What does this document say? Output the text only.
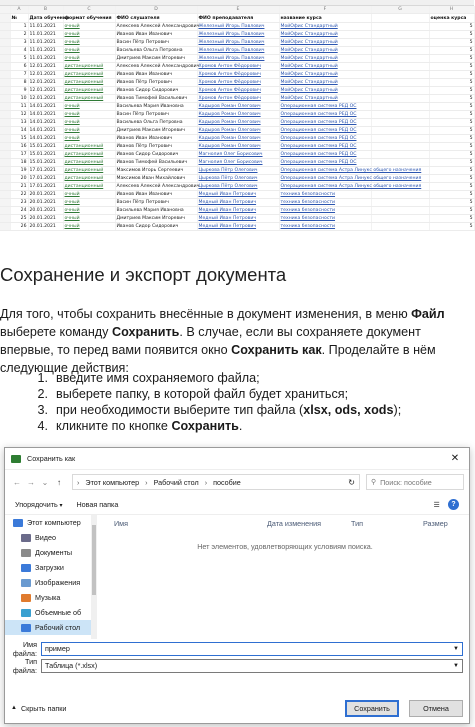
	A	B	C	D	E	F	G	H
	№	Дата обучения	формат обучения	ФИО слушателя	ФИО преподавателя	название курса		оценка курса
	1	11.01.2021	очный	Алексеев Алексей Александрович	Железный Игорь Павлович	МойОфис Стандартный		5
	2	11.01.2021	очный	Иванов Иван Иванович	Железный Игорь Павлович	МойОфис Стандартный		5
	3	11.01.2021	очный	Васин Пётр Петрович	Железный Игорь Павлович	МойОфис Стандартный		5
	4	11.01.2021	очный	Васильева Ольга Петровна	Железный Игорь Павлович	МойОфис Стандартный		5
	5	11.01.2021	очный	Дмитриев Максим Игоревич	Железный Игорь Павлович	МойОфис Стандартный		5
	6	12.01.2021	дистанционный	Алексеев Алексей Александрович	Хромов Антон Фёдорович	МойОфис Стандартный		5
	7	12.01.2021	дистанционный	Иванов Иван Иванович	Хромов Антон Фёдорович	МойОфис Стандартный		5
	8	12.01.2021	дистанционный	Иванов Пётр Петрович	Хромов Антон Фёдорович	МойОфис Стандартный		5
	9	12.01.2021	дистанционный	Иванов Сидор Сидорович	Хромов Антон Фёдорович	МойОфис Стандартный		5
	10	12.01.2021	дистанционный	Иванов Тимофей Васильевич	Хромов Антон Фёдорович	МойОфис Стандартный		5
	11	14.01.2021	очный	Васильева Мария Ивановна	Кадыров Роман Олегович	Операционная система РЕД ОС		5
	12	14.01.2021	очный	Васин Пётр Петрович	Кадыров Роман Олегович	Операционная система РЕД ОС		5
	13	14.01.2021	очный	Васильева Ольга Петровна	Кадыров Роман Олегович	Операционная система РЕД ОС		5
	14	14.01.2021	очный	Дмитриев Максим Игоревич	Кадыров Роман Олегович	Операционная система РЕД ОС		5
	15	14.01.2021	очный	Иванов Иван Иванович	Кадыров Роман Олегович	Операционная система РЕД ОС		5
	16	15.01.2021	дистанционный	Иванов Пётр Петрович	Кадыров Роман Олегович	Операционная система РЕД ОС		5
	17	15.01.2021	дистанционный	Иванов Сидор Сидорович	Магнолия Олег Борисович	Операционная система РЕД ОС		5
	18	15.01.2021	дистанционный	Иванов Тимофей Васильевич	Магнолия Олег Борисович	Операционная система РЕД ОС		5
	19	17.01.2021	дистанционный	Максимов Игорь Сергеевич	Цыркова Пётр Олегович	Операционная система Астра Линукс общего назначения		5
	20	17.01.2021	дистанционный	Максимов Иван Михайлович	Цыркова Пётр Олегович	Операционная система Астра Линукс общего назначения		5
	21	17.01.2021	дистанционный	Алексеев Алексей Александрович	Цыркова Пётр Олегович	Операционная система Астра Линукс общего назначения		5
	22	20.01.2021	очный	Иванов Иван Иванович	Медный Иван Петрович	техника безопасности		5
	23	20.01.2021	очный	Васин Пётр Петрович	Медный Иван Петрович	техника безопасности		5
	24	20.01.2021	очный	Васильева Мария Ивановна	Медный Иван Петрович	техника безопасности		5
	25	20.01.2021	очный	Дмитриев Максим Игоревич	Медный Иван Петрович	техника безопасности		5
	26	20.01.2021	очный	Иванов Сидор Сидорович	Медный Иван Петрович	техника безопасности		5
Сохранение и экспорт документа
Для того, чтобы сохранить внесённые в документ изменения, в меню Файл выберете команду Сохранить. В случае, если вы сохраняете документ впервые, то перед вами появится окно Сохранить как. Проделайте в нём следующие действия:
1. введите имя сохраняемого файла;
2. выберете папку, в которой файл будет храниться;
3. при необходимости выберите тип файла (xlsx, ods, xods);
4. кликните по кнопке Сохранить.
Сохранить как	✕
← → ⌄	↑	› Этот компьютер › Рабочий стол › пособие	↻ ⚲ Поиск: пособие
Упорядочить ▾	Новая папка	☰	?
Этот компьютер
Видео
Документы
Загрузки
Изображения
Музыка
Объемные об
Рабочий стол
Имя	Дата изменения	Тип	Размер
Нет элементов, удовлетворяющих условиям поиска.
Имя файла:	пример	▼
Тип файла:	Таблица (*.xlsx)	▼
▲ Скрыть папки	Сохранить	Отмена
